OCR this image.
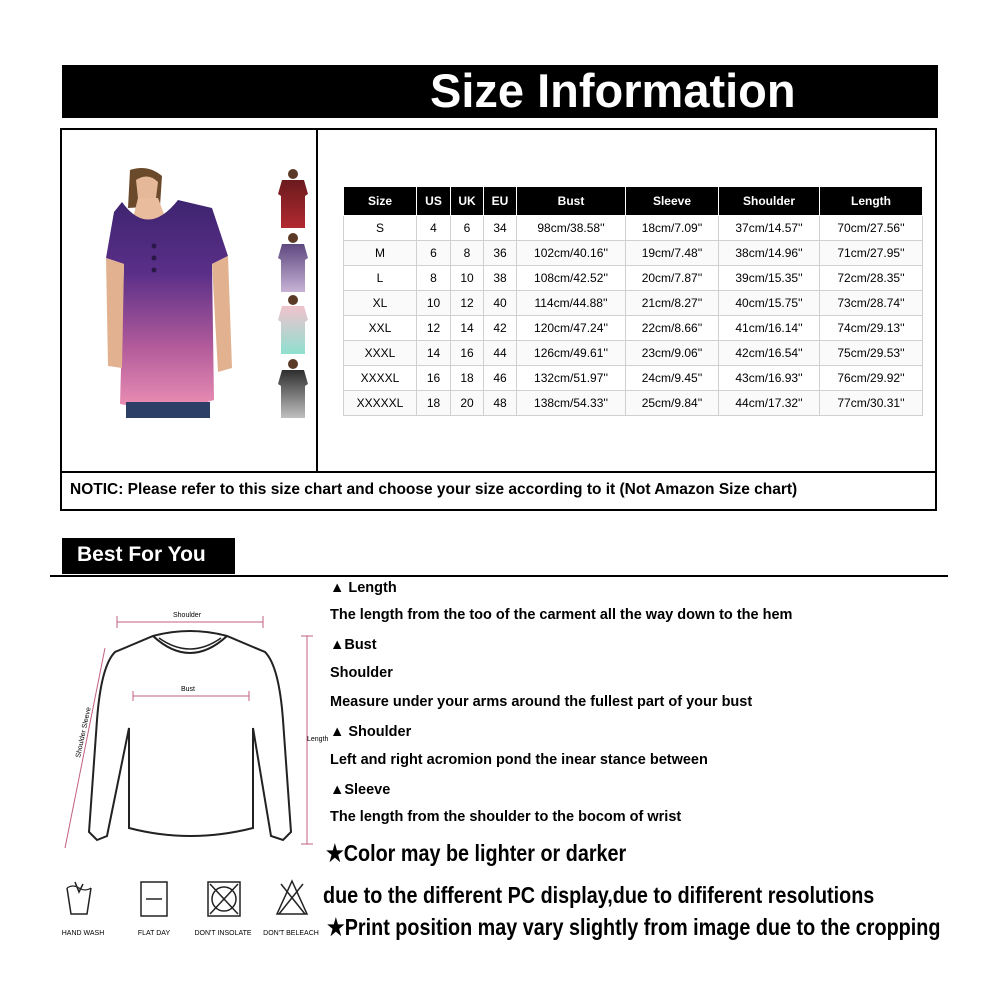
Size Information
Size	US	UK	EU	Bust	Sleeve	Shoulder	Length
S	4	6	34	98cm/38.58''	18cm/7.09''	37cm/14.57''	70cm/27.56''
M	6	8	36	102cm/40.16''	19cm/7.48''	38cm/14.96''	71cm/27.95''
L	8	10	38	108cm/42.52''	20cm/7.87''	39cm/15.35''	72cm/28.35''
XL	10	12	40	114cm/44.88''	21cm/8.27''	40cm/15.75''	73cm/28.74''
XXL	12	14	42	120cm/47.24''	22cm/8.66''	41cm/16.14''	74cm/29.13''
XXXL	14	16	44	126cm/49.61''	23cm/9.06''	42cm/16.54''	75cm/29.53''
XXXXL	16	18	46	132cm/51.97''	24cm/9.45''	43cm/16.93''	76cm/29.92''
XXXXXL	18	20	48	138cm/54.33''	25cm/9.84''	44cm/17.32''	77cm/30.31''
NOTIC: Please refer to this size chart and choose your size according to it (Not Amazon Size chart)
Best For You
Shoulder
Bust
Length
Shoulder Sleeve
HAND WASH	FLAT DAY	DON'T INSOLATE	DON'T BELEACH
▲ Length
The length from the too of the carment all the way down to the hem
▲Bust
Shoulder
Measure under your arms around the fullest part of your bust
▲ Shoulder
Left and right acromion pond the inear stance between
▲Sleeve
The length from the shoulder to the bocom of wrist
★Color may be lighter or darker
due to the different PC display,due to dififerent resolutions
★Print position may vary slightly from image due to the cropping
